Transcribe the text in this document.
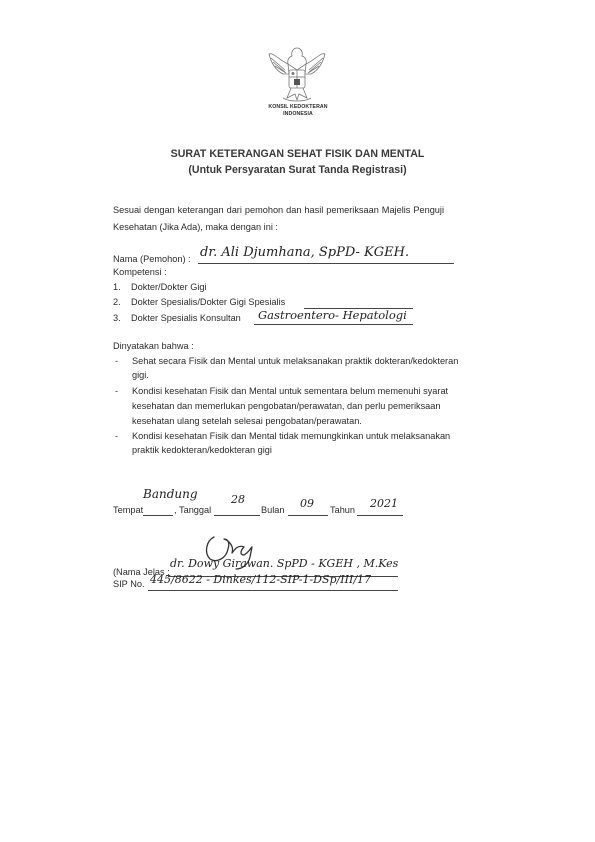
KONSIL KEDOKTERAN
INDONESIA
SURAT KETERANGAN SEHAT FISIK DAN MENTAL
(Untuk Persyaratan Surat Tanda Registrasi)
Sesuai dengan keterangan dari pemohon dan hasil pemeriksaan Majelis Penguji
Kesehatan (Jika Ada), maka dengan ini :
Nama (Pemohon) : dr. Ali Djumhana, SpPD- KGEH.
Kompetensi :
1. Dokter/Dokter Gigi
2. Dokter Spesialis/Dokter Gigi Spesialis
3. Dokter Spesialis Konsultan Gastroentero- Hepatologi
Dinyatakan bahwa :
- Sehat secara Fisik dan Mental untuk melaksanakan praktik dokteran/kedokteran
gigi.
- Kondisi kesehatan Fisik dan Mental untuk sementara belum memenuhi syarat
kesehatan dan memerlukan pengobatan/perawatan, dan perlu pemeriksaan
kesehatan ulang setelah selesai pengobatan/perawatan.
- Kondisi kesehatan Fisik dan Mental tidak memungkinkan untuk melaksanakan
praktik kedokteran/kedokteran gigi
Bandung
Tempat	, Tanggal
28
Bulan 09 Tahun 2021
(Nama Jelas :
dr. Dowy Girawan. SpPD - KGEH , M.Kes
SIP No. 445/8622 - Dinkes/112-SIP-1-DSp/III/17
